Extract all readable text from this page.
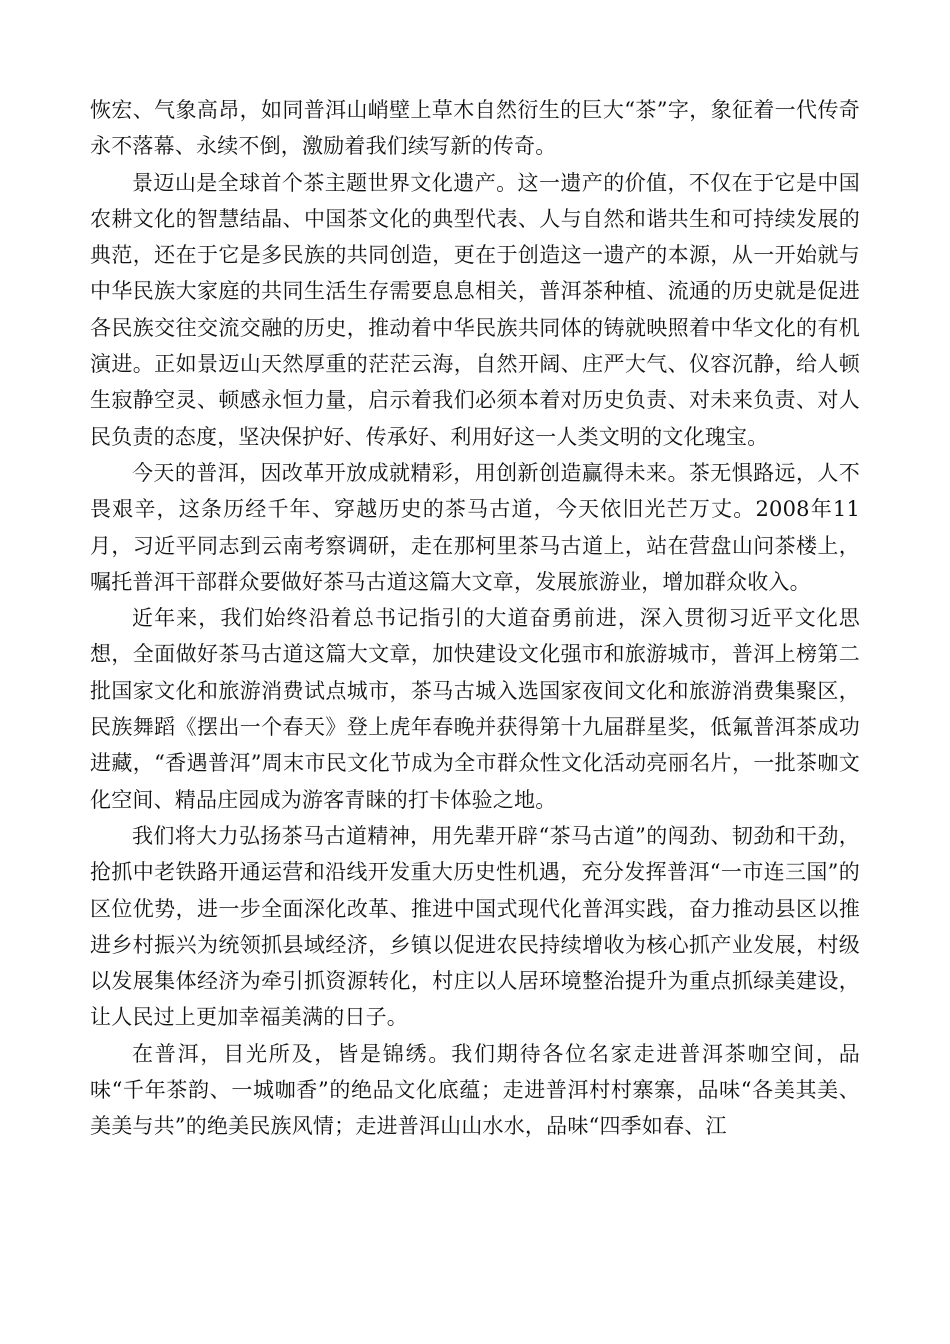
恢宏、气象高昂，如同普洱山峭壁上草木自然衍生的巨大“茶”字，象征着一代传奇永不落幕、永续不倒，激励着我们续写新的传奇。

景迈山是全球首个茶主题世界文化遗产。这一遗产的价值，不仅在于它是中国农耕文化的智慧结晶、中国茶文化的典型代表、人与自然和谐共生和可持续发展的典范，还在于它是多民族的共同创造，更在于创造这一遗产的本源，从一开始就与中华民族大家庭的共同生活生存需要息息相关，普洱茶种植、流通的历史就是促进各民族交往交流交融的历史，推动着中华民族共同体的铸就映照着中华文化的有机演进。正如景迈山天然厚重的茫茫云海，自然开阔、庄严大气、仪容沉静，给人顿生寂静空灵、顿感永恒力量，启示着我们必须本着对历史负责、对未来负责、对人民负责的态度，坚决保护好、传承好、利用好这一人类文明的文化瑰宝。

今天的普洱，因改革开放成就精彩，用创新创造赢得未来。茶无惧路远，人不畏艰辛，这条历经千年、穿越历史的茶马古道，今天依旧光芒万丈。2008年11月，习近平同志到云南考察调研，走在那柯里茶马古道上，站在营盘山问茶楼上，嘱托普洱干部群众要做好茶马古道这篇大文章，发展旅游业，增加群众收入。

近年来，我们始终沿着总书记指引的大道奋勇前进，深入贯彻习近平文化思想，全面做好茶马古道这篇大文章，加快建设文化强市和旅游城市，普洱上榜第二批国家文化和旅游消费试点城市，茶马古城入选国家夜间文化和旅游消费集聚区，民族舞蹈《摆出一个春天》登上虎年春晚并获得第十九届群星奖，低氟普洱茶成功进藏，“香遇普洱”周末市民文化节成为全市群众性文化活动亮丽名片，一批茶咖文化空间、精品庄园成为游客青睐的打卡体验之地。

我们将大力弘扬茶马古道精神，用先辈开辟“茶马古道”的闯劲、韧劲和干劲，抢抓中老铁路开通运营和沿线开发重大历史性机遇，充分发挥普洱“一市连三国”的区位优势，进一步全面深化改革、推进中国式现代化普洱实践，奋力推动县区以推进乡村振兴为统领抓县域经济，乡镇以促进农民持续增收为核心抓产业发展，村级以发展集体经济为牵引抓资源转化，村庄以人居环境整治提升为重点抓绿美建设，让人民过上更加幸福美满的日子。

在普洱，目光所及，皆是锦绣。我们期待各位名家走进普洱茶咖空间，品味“千年茶韵、一城咖香”的绝品文化底蕴；走进普洱村村寨寨，品味“各美其美、美美与共”的绝美民族风情；走进普洱山山水水，品味“四季如春、江
